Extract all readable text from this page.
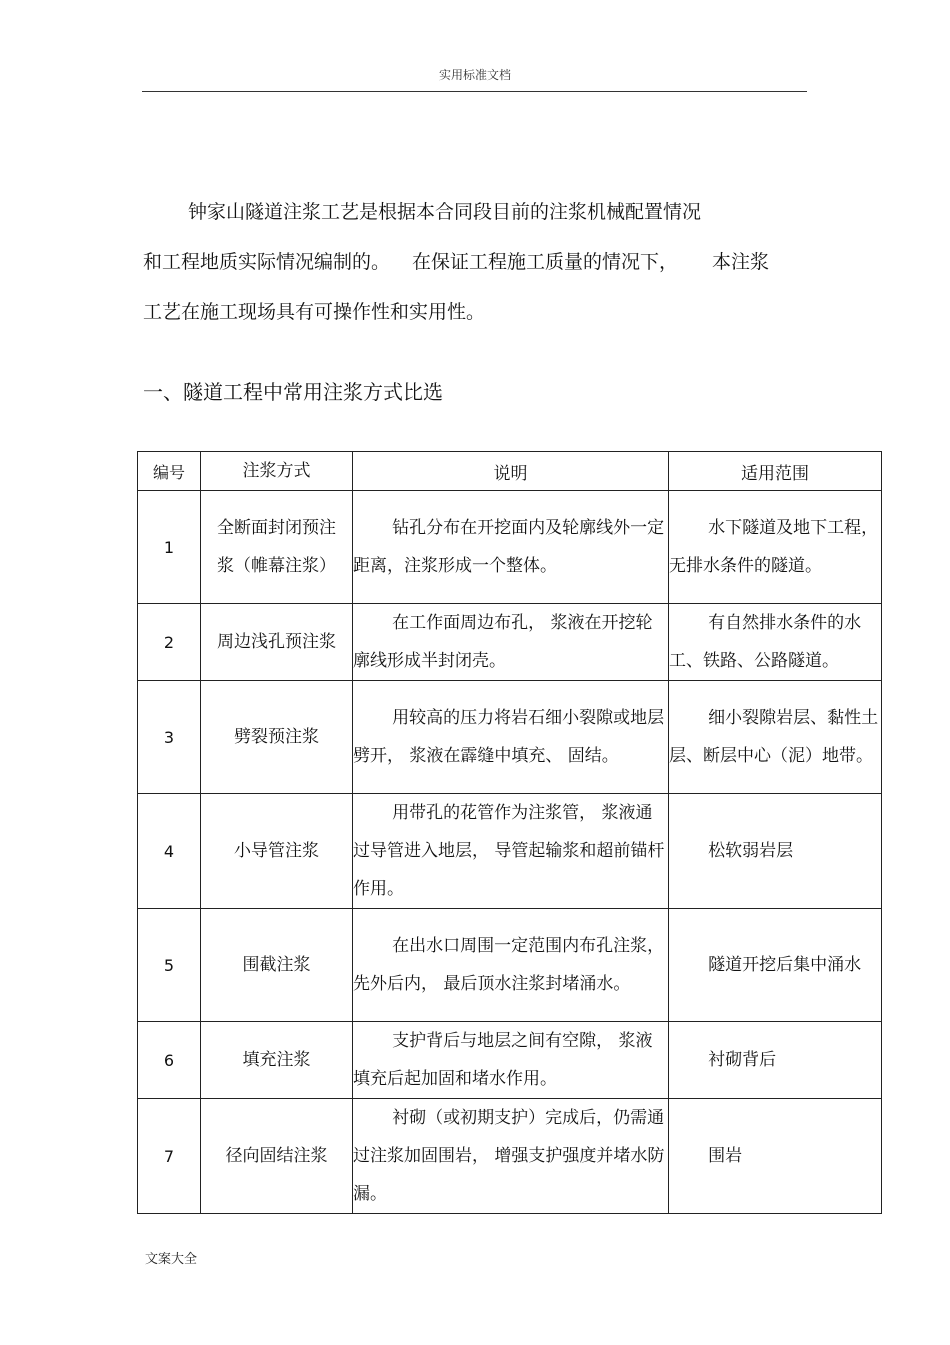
实用标准文档
钟家山隧道注浆工艺是根据本合同段目前的注浆机械配置情况
和工程地质实际情况编制的。 在保证工程施工质量的情况下， 本注浆
工艺在施工现场具有可操作性和实用性。
一、隧道工程中常用注浆方式比选
编号	注浆方式	说明	适用范围
1	全断面封闭预注浆（帷幕注浆）	钻孔分布在开挖面内及轮廓线外一定距离，注浆形成一个整体。	水下隧道及地下工程，无排水条件的隧道。

2	周边浅孔预注浆	在工作面周边布孔， 浆液在开挖轮廓线形成半封闭壳。	有自然排水条件的水工、铁路、公路隧道。

3	劈裂预注浆	用较高的压力将岩石细小裂隙或地层劈开， 浆液在霹缝中填充、 固结。	细小裂隙岩层、黏性土层、断层中心（泥）地带。

4	小导管注浆	用带孔的花管作为注浆管， 浆液通过导管进入地层， 导管起输浆和超前锚杆作用。	松软弱岩层

5	围截注浆	在出水口周围一定范围内布孔注浆，先外后内， 最后顶水注浆封堵涌水。	隧道开挖后集中涌水

6	填充注浆	支护背后与地层之间有空隙， 浆液填充后起加固和堵水作用。	衬砌背后

7	径向固结注浆	衬砌（或初期支护）完成后，仍需通过注浆加固围岩， 增强支护强度并堵水防漏。	围岩
文案大全
